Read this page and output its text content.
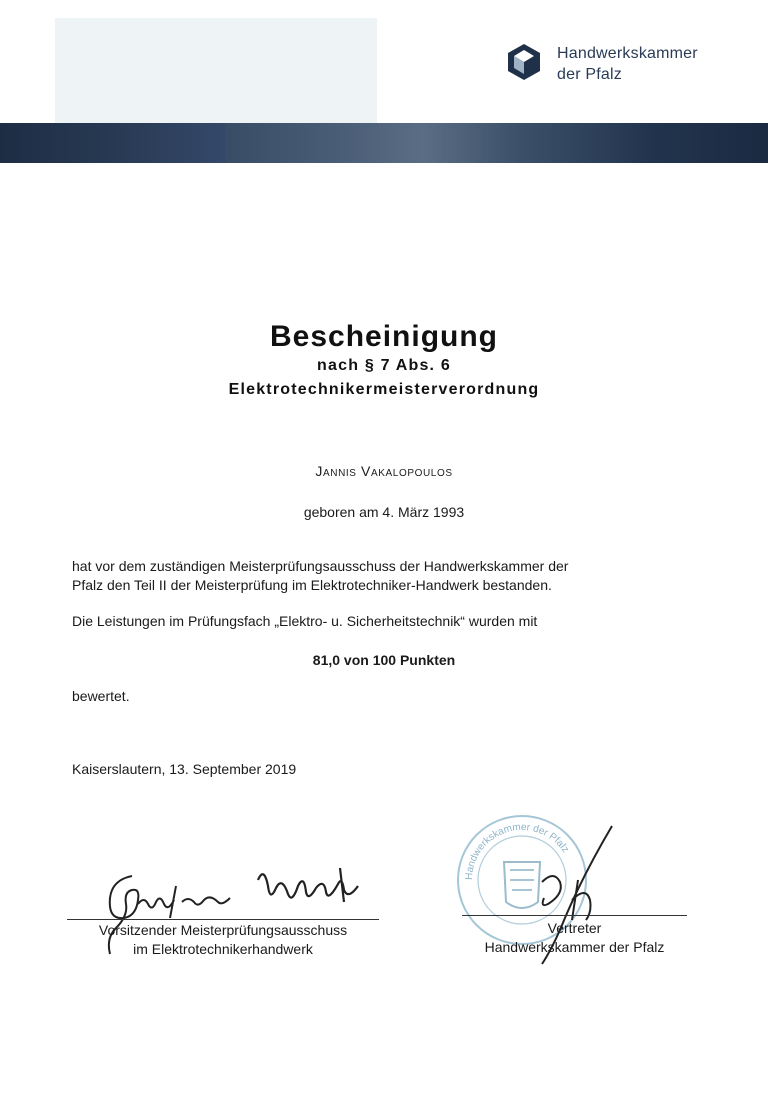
Handwerkskammer
der Pfalz
Bescheinigung
nach § 7 Abs. 6
Elektrotechnikermeisterverordnung
Jannis Vakalopoulos
geboren am 4. März 1993
hat vor dem zuständigen Meisterprüfungsausschuss der Handwerkskammer der
Pfalz den Teil II der Meisterprüfung im Elektrotechniker-Handwerk bestanden.
Die Leistungen im Prüfungsfach „Elektro- u. Sicherheitstechnik“ wurden mit
81,0 von 100 Punkten
bewertet.
Kaiserslautern, 13. September 2019
Handwerkskammer der Pfalz
Vorsitzender Meisterprüfungsausschuss
im Elektrotechnikerhandwerk
Vertreter
Handwerkskammer der Pfalz
